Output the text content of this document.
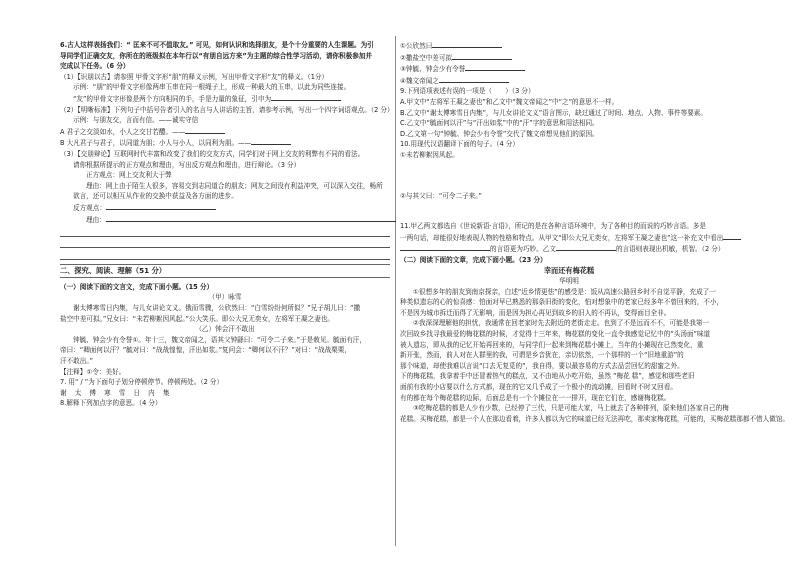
6.古人这样表扬我们：“ 匡来不可不值取友。” 可见，如何认识和选择朋友，是个十分重要的人生课题。为引
导同学们正确交友，你所在的班级拟在本年行以“有朋自远方来”为主题的综合性学习活动，请你积极参加并
完成以下任务。（6 分）
（1）【识朋以古】请参照 甲骨文字形“朋”的释义示例，写出甲骨文字形“友”的释义。（1分）
示例：“朋”的甲骨文字形像两串玉串在同一根绳子上，形成一种最大的玉串，以此为同些连接。
“友”的甲骨文字形像是两个方向相同的手，手是力量的象征，引申为
（2）【明晰标准】下列句子中括号告者引入的名言与人讲话的主旨，请参考示例，写出一个四字词语观点。（2 分）
示例：与朋友交，言而有信。——诚实守信
A 君子之交淡如水，小人之交甘若醴。——
B 大凡君子与君子，以同道为朋；小人与小人，以同利为朋。——
（3）【交朋辩论】互联网时代丰富和改变了我们的交友方式，同学们对于网上交友的利弊有不同的看法。
请你根据所提示的正方观点和理由，写出反方观点和理由，进行辩论。（3 分）
正方观点：网上交友利大于弊
理由：网上由于陌生人很多，容易交到志同道合的朋友；网友之间没有利益冲突，可以深入交往，畅所
欲言，还可以相互从作业的交换中获益及各方面的进步。
反方观点：
理由：
二、探究、阅读、理解（51 分）
（一）阅读下面的文言文，完成下面小题。（15 分）
（甲）咏雪
谢太傅寒雪日内集，与儿女讲论文义。俄而雪骤，公欣然曰：“白雪纷纷何所似？”兄子胡儿曰：“撒
盐空中差可拟。”兄女曰：“未若柳絮因风起。”公大笑乐。即公大兄无奕女，左将军王凝之妻也。
（乙）钟会汗不敢出
钟毓、钟会少有令誉①。年十三，魏文帝闻之，语其父钟繇曰：“可令二子来。”于是敕见。毓面有汗，
帝曰：“卿面何以汗？”毓对曰：“战战惶惶，汗出如浆。”复问会：“卿何以不汗？”对曰：“战战栗栗，
汗不敢出。”
【注释】①令：美好。
7. 用“ / ”为下面句子划分停顿停节。停顿两处。（2 分）
谢 太 傅 寒 雪 日 内 集
8.解释下列加点字的意思。（4 分）
①公欣然曰
②撒盐空中差可拟
③钟毓、钟会少有令誉
④魏文帝闻之
9.下列语项表述有误的一项是（　　）（3 分）
A.甲文中“左将军王凝之妻也”和乙文中“魏文帝闻之”中“之”的意思不一样。
B.乙文中“谢太傅寒雪日内集”，与儿女讲论文义”语言图示，缺过通过了时间、地点、人物、事件等要素。
C.乙文中“毓面何以汗”与“汗出如浆”中的“汗”字的意思和用法相同。
D.乙文第一句“钟毓、钟会少有令誉”交代了魏文帝想见他们的原因。
10.用现代汉语翻译下面的句子。（4 分）
①未若柳絮因风起。
②与其父曰：“可令二子来。”
11.甲乙两文都选自《世说新语·言语》，所记的是在各种言语环境中，为了各种目的而说的巧妙言语。多是
一两句话，却能很好地表现人物的性格和特点。从甲文“即公大兄无奕女，左将军王凝之妻也”这一补充文中看出
的言语更为巧妙。乙文	的言语则表现出机敏，机智。（2 分）
（二）阅读下面的文章，完成下面小题。（23 分）
幸而还有梅花糕
华明明
①很想多年的朋友到南京探亲，白述“近乡情更怯”的感受是：饭从高速公路回乡时不自觉平静，充成了一
种类似遗忘的心的惊喜感：怕面对早已熟悉的那条旧街的变化，怕对想象中的老家已经多年不曾回来的，不小，
不是因为城市拆迁而得了无影响，而是因为担心再见到故乡的旧人的不再认，变得面目全非。
②我深深理解他的担忧，我通常在回老家时先去附近的老街走走。也到了不是远而不不，可能是我第一
次回故乡找寻我最爱的梅花糕的时候，才觉得十三年来，梅花糕的变化一直令我感觉记忆中的“头汤面”味道
被人遗忘，即从我的记忆开始再回来的，与同学们一起来到梅花糕小摊上，当年的小摊现在已然变化，重
新开张，然而，前人对在人群里的我，可谓是乡音犹在，亲切依然，一个那样的一个“旧地重游”的
那个味道，却使我难以言说“口去无复觅的”，我自得，要以最容易的方式去品尝回忆的甜蜜之外。
下的梅花糕，我拿着手中还冒着热气的糕点，又不由地从小吃开始，虽然 “梅花 糕”，感觉和那些老旧
面前有我的小店要以什么方式都，现在的它又几乎成了一个极小的流动摊，回看时不时又回看。
有的都在每个梅花糕的边际，后面总是有一个个摊位在一一排开，现在它们在，感谢梅花糕。
③吃梅花糕的都是人少有少数，已经停了三代，只是可能大家，马上就去了各种排列，原来他们各家自己的梅
花糕。买梅花糕，都是一个人在那边看着，许多人都以为它的味道已经无法再吃，那卖家梅花糕，可能的，买梅花糕那都不惜人做馆。
